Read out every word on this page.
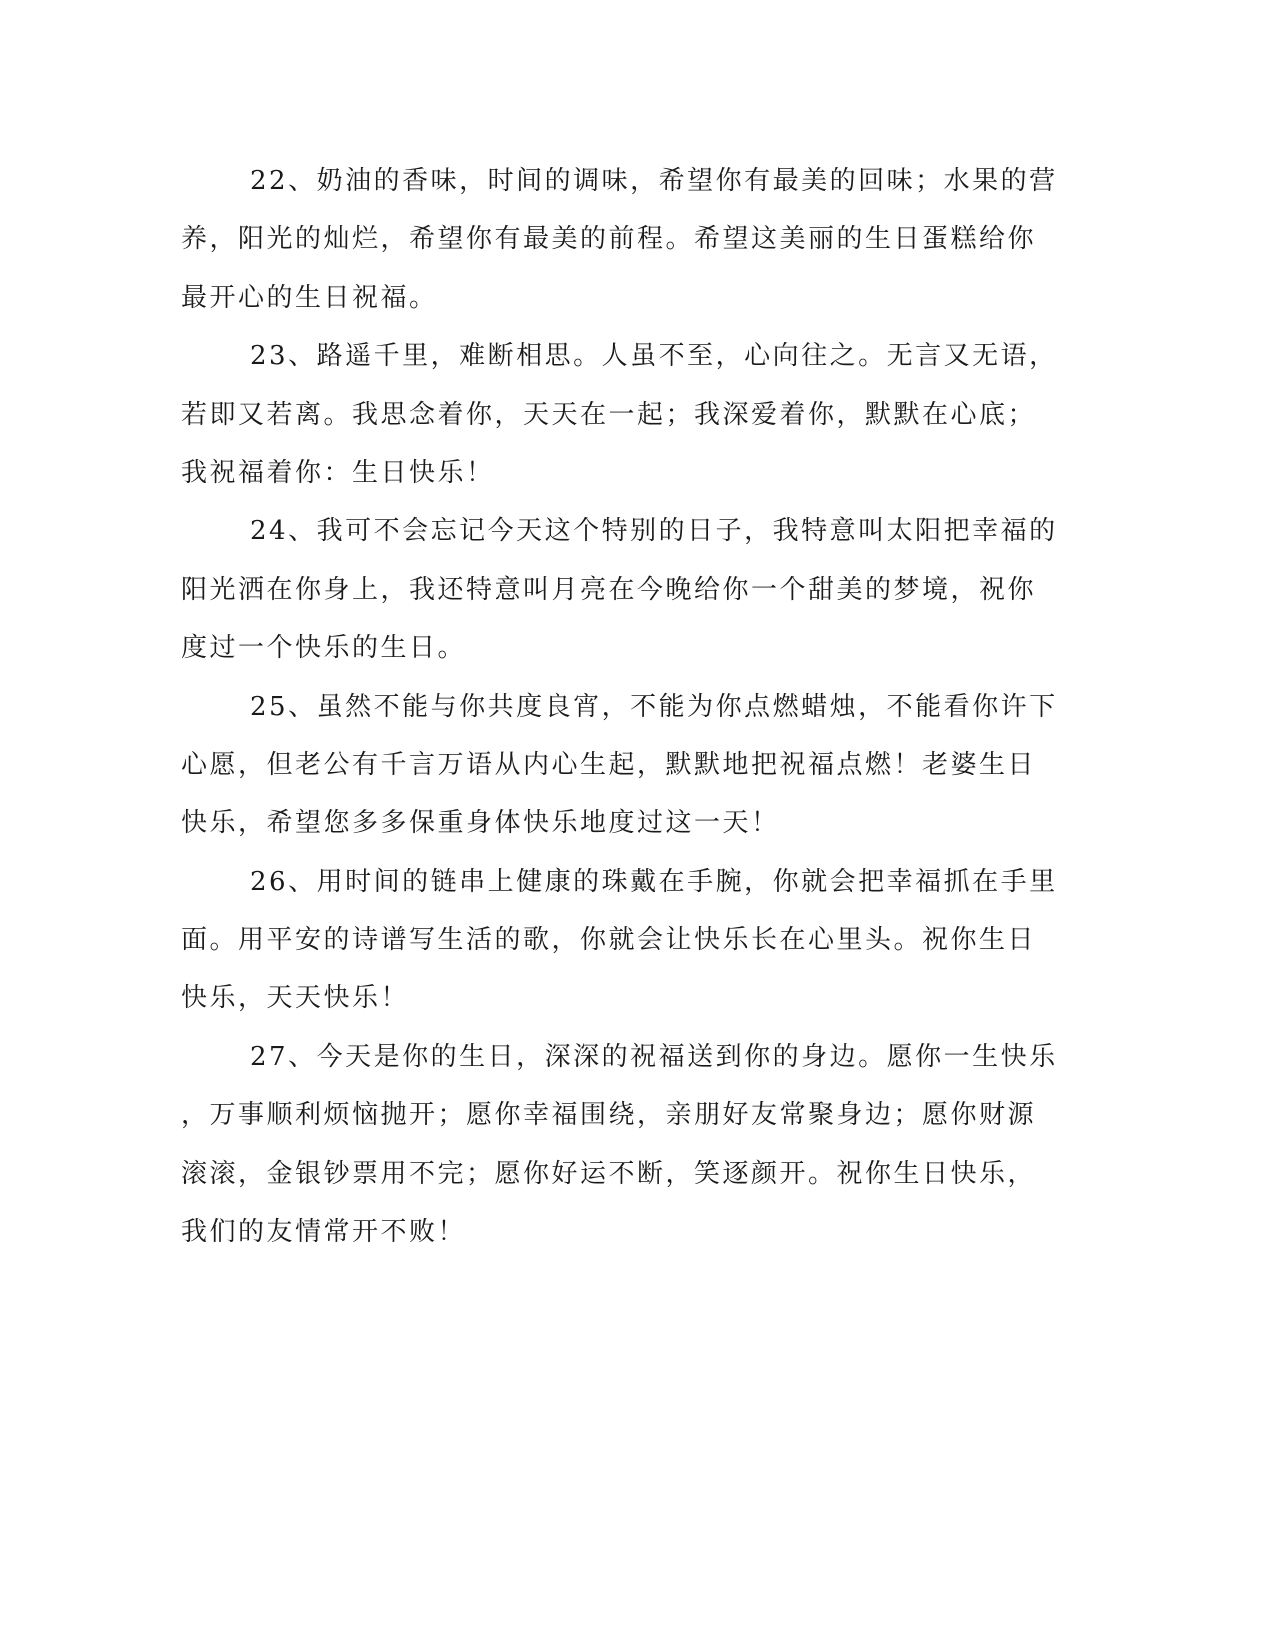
22、奶油的香味，时间的调味，希望你有最美的回味；水果的营
养，阳光的灿烂，希望你有最美的前程。希望这美丽的生日蛋糕给你
最开心的生日祝福。
23、路遥千里，难断相思。人虽不至，心向往之。无言又无语，
若即又若离。我思念着你，天天在一起；我深爱着你，默默在心底；
我祝福着你：生日快乐！
24、我可不会忘记今天这个特别的日子，我特意叫太阳把幸福的
阳光洒在你身上，我还特意叫月亮在今晚给你一个甜美的梦境，祝你
度过一个快乐的生日。
25、虽然不能与你共度良宵，不能为你点燃蜡烛，不能看你许下
心愿，但老公有千言万语从内心生起，默默地把祝福点燃！老婆生日
快乐，希望您多多保重身体快乐地度过这一天！
26、用时间的链串上健康的珠戴在手腕，你就会把幸福抓在手里
面。用平安的诗谱写生活的歌，你就会让快乐长在心里头。祝你生日
快乐，天天快乐！
27、今天是你的生日，深深的祝福送到你的身边。愿你一生快乐
，万事顺利烦恼抛开；愿你幸福围绕，亲朋好友常聚身边；愿你财源
滚滚，金银钞票用不完；愿你好运不断，笑逐颜开。祝你生日快乐，
我们的友情常开不败！
